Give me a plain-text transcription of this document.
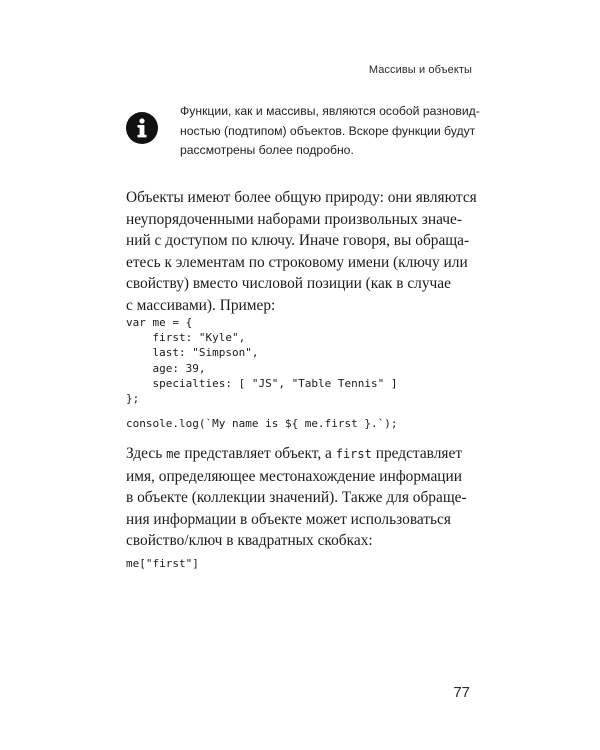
Массивы и объекты
Функции, как и массивы, являются особой разновид-
ностью (подтипом) объектов. Вскоре функции будут
рассмотрены более подробно.
Объекты имеют более общую природу: они являются
неупорядоченными наборами произвольных значе-
ний с доступом по ключу. Иначе говоря, вы обраща-
етесь к элементам по строковому имени (ключу или
свойству) вместо числовой позиции (как в случае
с массивами). Пример:
var me = {
first: "Kyle",
last: "Simpson",
age: 39,
specialties: [ "JS", "Table Tennis" ]
};
console.log(`My name is ${ me.first }.`);
Здесь me представляет объект, а first представляет
имя, определяющее местонахождение информации
в объекте (коллекции значений). Также для обраще-
ния информации в объекте может использоваться
свойство/ключ в квадратных скобках:
me["first"]
77
